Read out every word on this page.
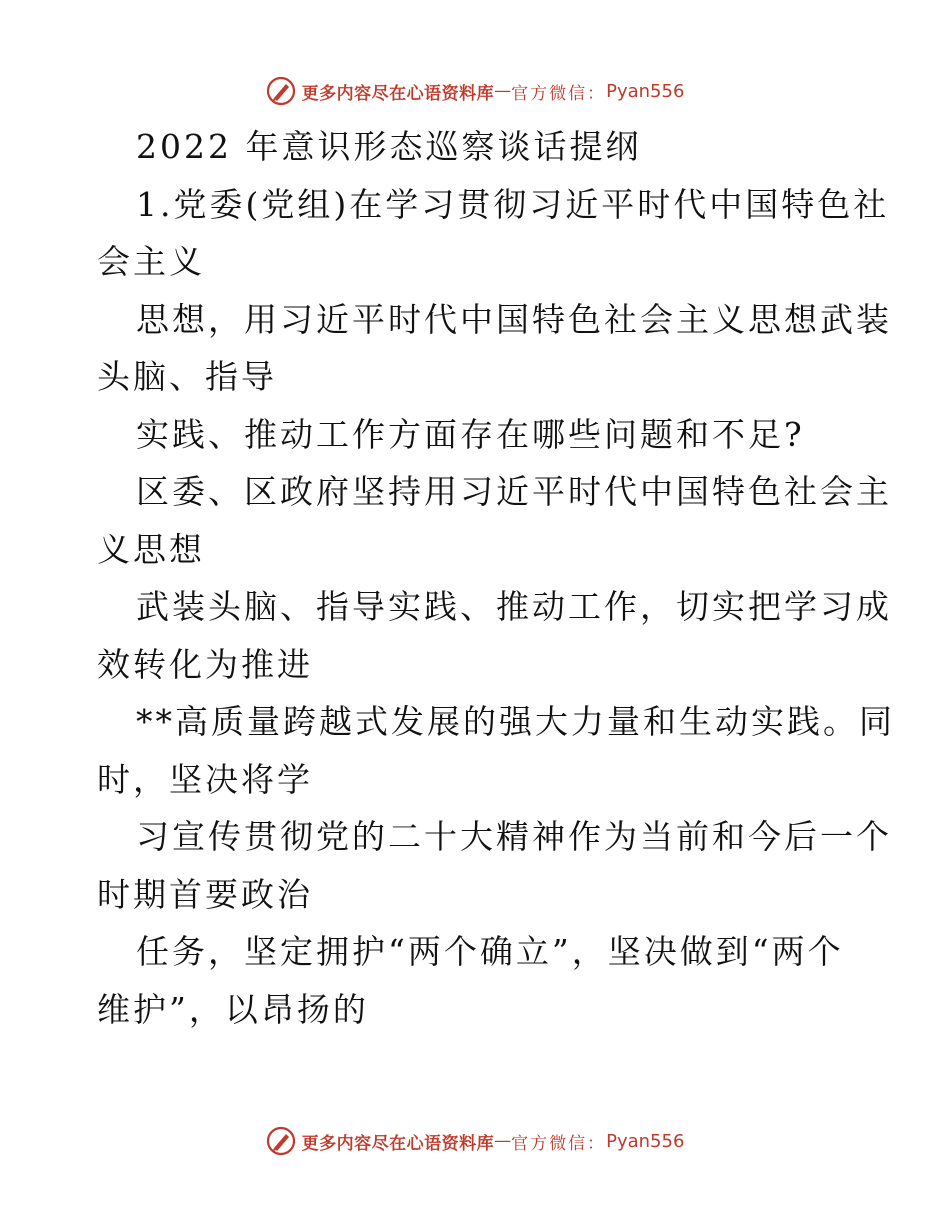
更多内容尽在心语资料库 — 官方微信： Pyan556
2022 年意识形态巡察谈话提纲
1.党委(党组)在学习贯彻习近平时代中国特色社
会主义
思想，用习近平时代中国特色社会主义思想武装
头脑、指导
实践、推动工作方面存在哪些问题和不足?
区委、区政府坚持用习近平时代中国特色社会主
义思想
武装头脑、指导实践、推动工作，切实把学习成
效转化为推进
**高质量跨越式发展的强大力量和生动实践。同
时，坚决将学
习宣传贯彻党的二十大精神作为当前和今后一个
时期首要政治
任务，坚定拥护“两个确立”，坚决做到“两个
维护”，以昂扬的
更多内容尽在心语资料库 — 官方微信： Pyan556
